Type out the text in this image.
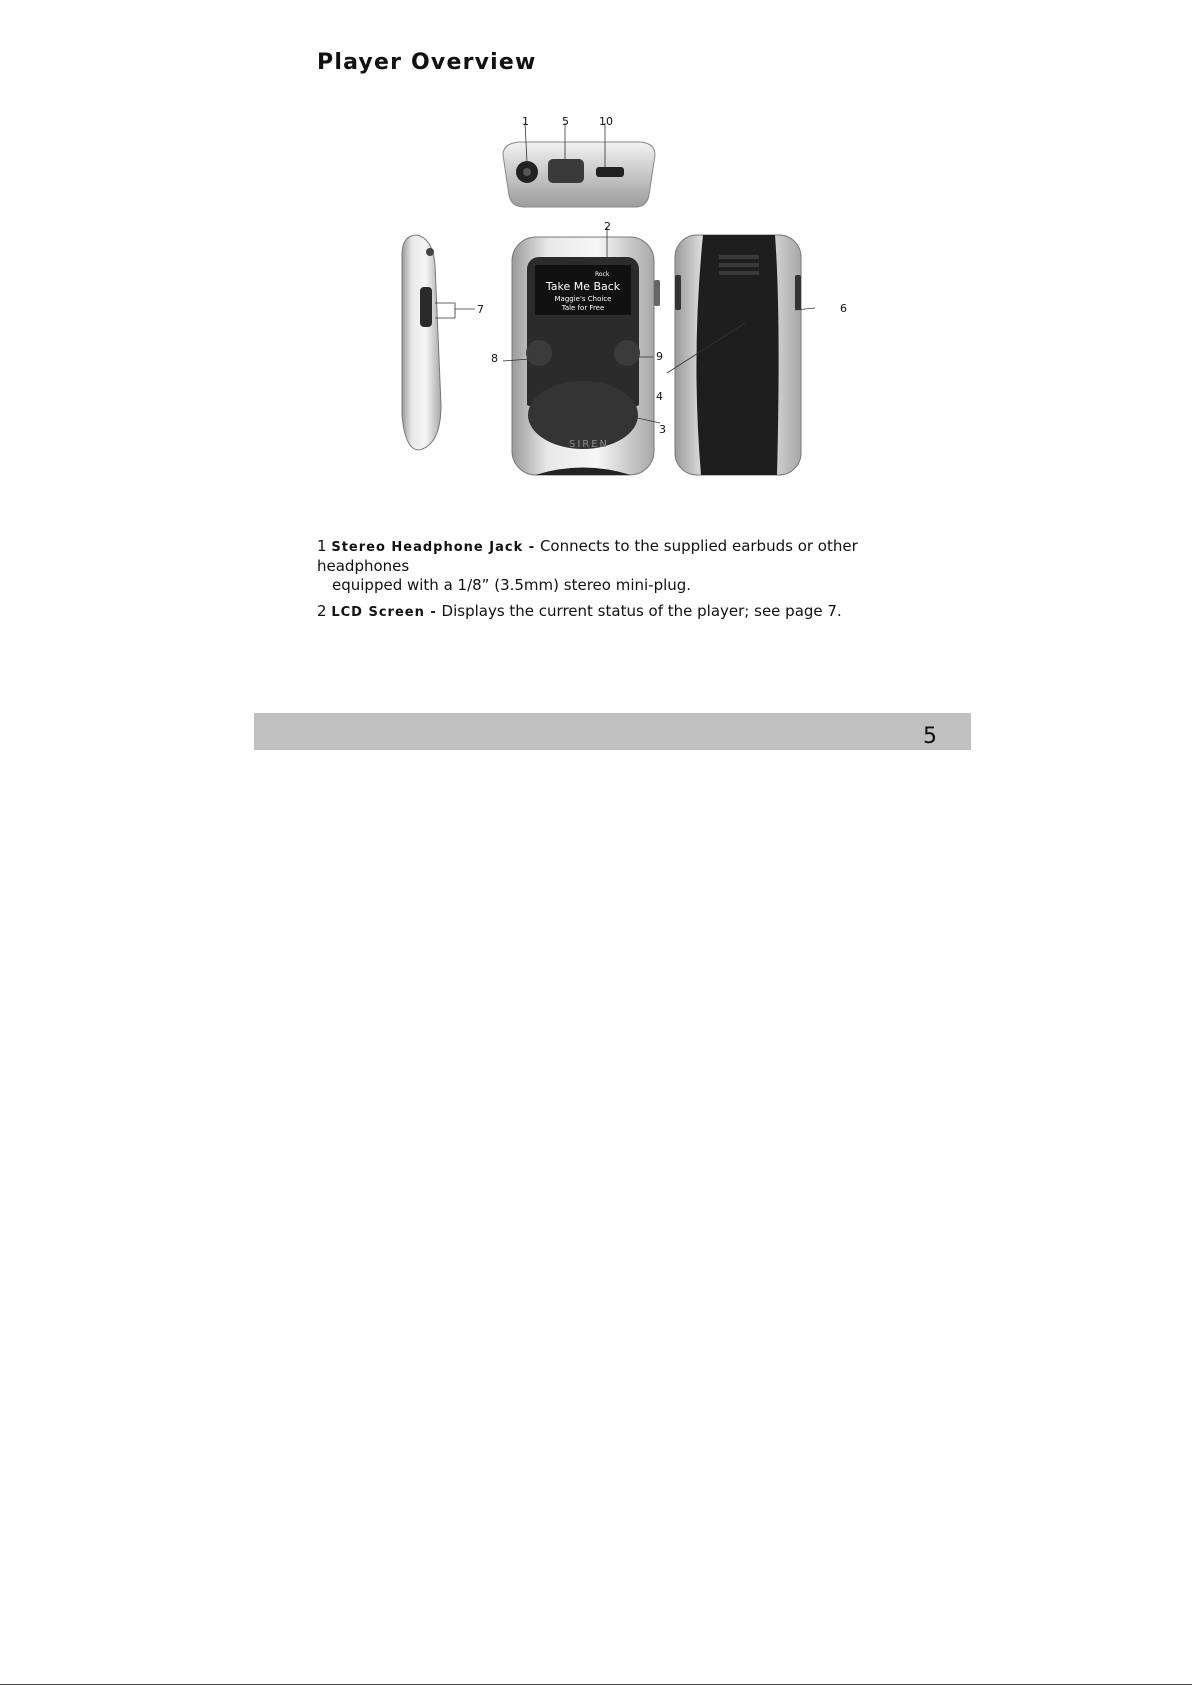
Player Overview
Rock
Take Me Back
Maggie's Choice
Tale for Free
SIREN
1	5	10
2
7
8	9
4
6
3
1 Stereo Headphone Jack - Connects to the supplied earbuds or other headphones
equipped with a 1/8” (3.5mm) stereo mini-plug.
2 LCD Screen - Displays the current status of the player; see page 7.
5
